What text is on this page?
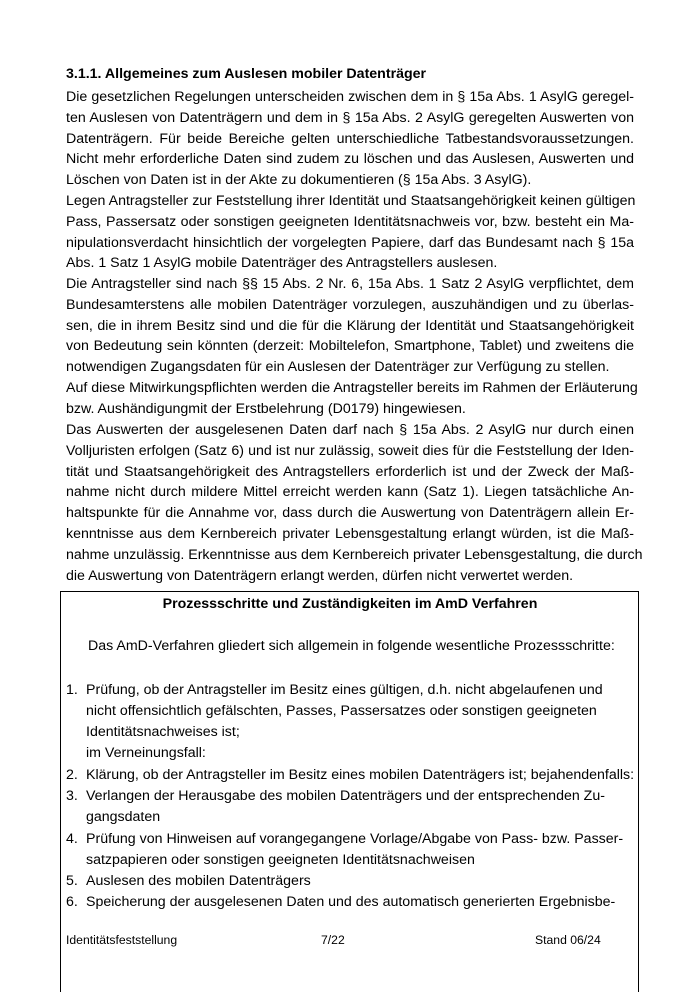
3.1.1. Allgemeines zum Auslesen mobiler Datenträger
Die gesetzlichen Regelungen unterscheiden zwischen dem in § 15a Abs. 1 AsylG geregel-
ten Auslesen von Datenträgern und dem in § 15a Abs. 2 AsylG geregelten Auswerten von
Datenträgern. Für beide Bereiche gelten unterschiedliche Tatbestandsvoraussetzungen.
Nicht mehr erforderliche Daten sind zudem zu löschen und das Auslesen, Auswerten und
Löschen von Daten ist in der Akte zu dokumentieren (§ 15a Abs. 3 AsylG).
Legen Antragsteller zur Feststellung ihrer Identität und Staatsangehörigkeit keinen gültigen
Pass, Passersatz oder sonstigen geeigneten Identitätsnachweis vor, bzw. besteht ein Ma-
nipulationsverdacht hinsichtlich der vorgelegten Papiere, darf das Bundesamt nach § 15a
Abs. 1 Satz 1 AsylG mobile Datenträger des Antragstellers auslesen.
Die Antragsteller sind nach §§ 15 Abs. 2 Nr. 6, 15a Abs. 1 Satz 2 AsylG verpflichtet, dem
Bundesamterstens alle mobilen Datenträger vorzulegen, auszuhändigen und zu überlas-
sen, die in ihrem Besitz sind und die für die Klärung der Identität und Staatsangehörigkeit
von Bedeutung sein könnten (derzeit: Mobiltelefon, Smartphone, Tablet) und zweitens die
notwendigen Zugangsdaten für ein Auslesen der Datenträger zur Verfügung zu stellen.
Auf diese Mitwirkungspflichten werden die Antragsteller bereits im Rahmen der Erläuterung
bzw. Aushändigungmit der Erstbelehrung (D0179) hingewiesen.
Das Auswerten der ausgelesenen Daten darf nach § 15a Abs. 2 AsylG nur durch einen
Volljuristen erfolgen (Satz 6) und ist nur zulässig, soweit dies für die Feststellung der Iden-
tität und Staatsangehörigkeit des Antragstellers erforderlich ist und der Zweck der Maß-
nahme nicht durch mildere Mittel erreicht werden kann (Satz 1). Liegen tatsächliche An-
haltspunkte für die Annahme vor, dass durch die Auswertung von Datenträgern allein Er-
kenntnisse aus dem Kernbereich privater Lebensgestaltung erlangt würden, ist die Maß-
nahme unzulässig. Erkenntnisse aus dem Kernbereich privater Lebensgestaltung, die durch
die Auswertung von Datenträgern erlangt werden, dürfen nicht verwertet werden.
Prozessschritte und Zuständigkeiten im AmD Verfahren
Das AmD-Verfahren gliedert sich allgemein in folgende wesentliche Prozessschritte:
1. Prüfung, ob der Antragsteller im Besitz eines gültigen, d.h. nicht abgelaufenen und
nicht offensichtlich gefälschten, Passes, Passersatzes oder sonstigen geeigneten
Identitätsnachweises ist;
im Verneinungsfall:
2. Klärung, ob der Antragsteller im Besitz eines mobilen Datenträgers ist; bejahendenfalls:
3. Verlangen der Herausgabe des mobilen Datenträgers und der entsprechenden Zu-
gangsdaten
4. Prüfung von Hinweisen auf vorangegangene Vorlage/Abgabe von Pass- bzw. Passer-
satzpapieren oder sonstigen geeigneten Identitätsnachweisen
5. Auslesen des mobilen Datenträgers
6. Speicherung der ausgelesenen Daten und des automatisch generierten Ergebnisbe-
Identitätsfeststellung	7/22	Stand 06/24
